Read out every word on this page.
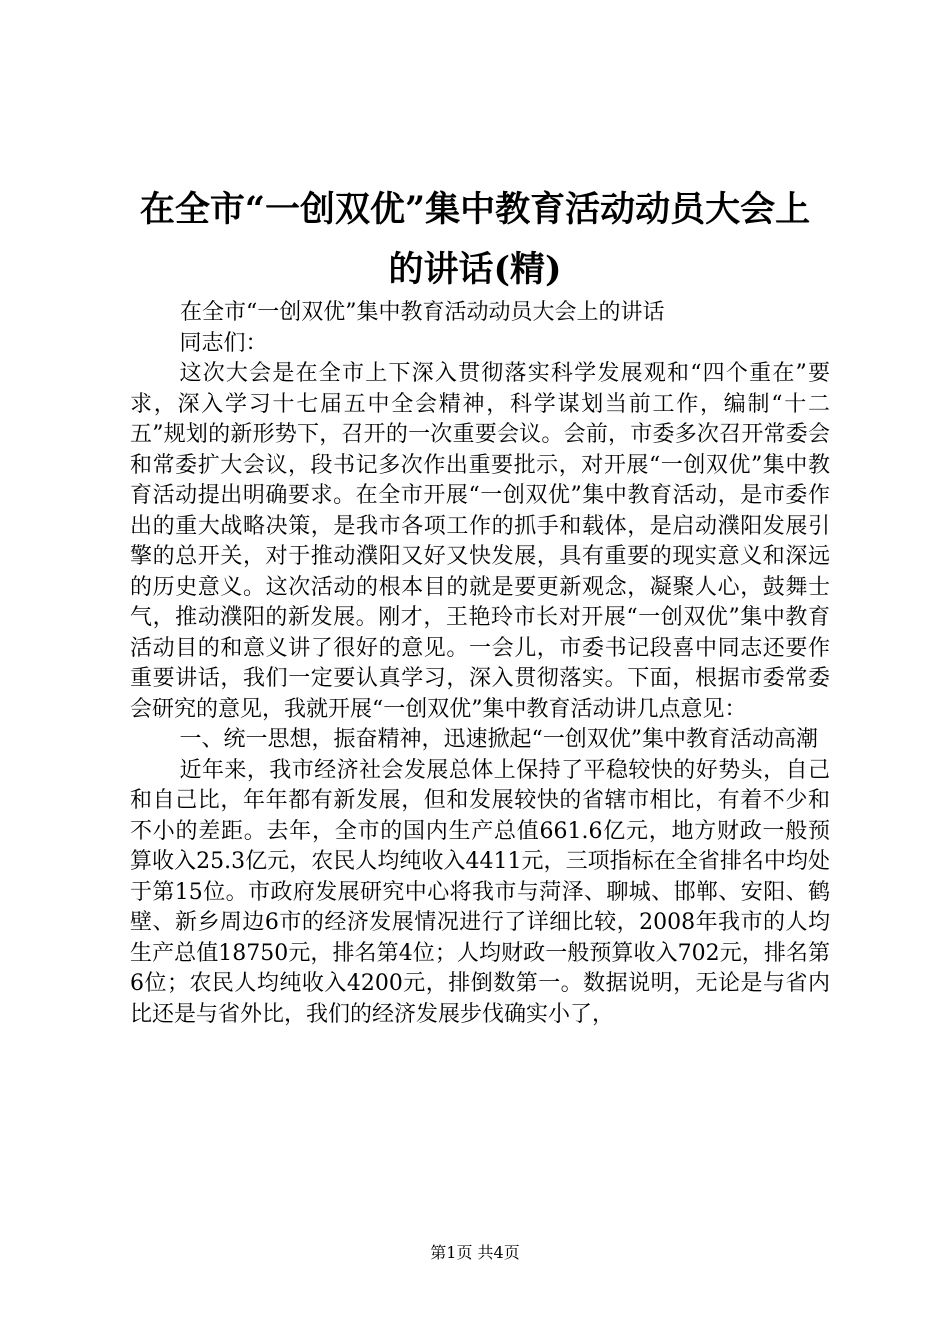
在全市“一创双优”集中教育活动动员大会上
的讲话(精)

在全市“一创双优”集中教育活动动员大会上的讲话

同志们：

这次大会是在全市上下深入贯彻落实科学发展观和“四个重在”要求，深入学习十七届五中全会精神，科学谋划当前工作，编制“十二五”规划的新形势下，召开的一次重要会议。会前，市委多次召开常委会和常委扩大会议，段书记多次作出重要批示，对开展“一创双优”集中教育活动提出明确要求。在全市开展“一创双优”集中教育活动，是市委作出的重大战略决策，是我市各项工作的抓手和载体，是启动濮阳发展引擎的总开关，对于推动濮阳又好又快发展，具有重要的现实意义和深远的历史意义。这次活动的根本目的就是要更新观念，凝聚人心，鼓舞士气，推动濮阳的新发展。刚才，王艳玲市长对开展“一创双优”集中教育活动目的和意义讲了很好的意见。一会儿，市委书记段喜中同志还要作重要讲话，我们一定要认真学习，深入贯彻落实。下面，根据市委常委会研究的意见，我就开展“一创双优”集中教育活动讲几点意见：

一、统一思想，振奋精神，迅速掀起“一创双优”集中教育活动高潮

近年来，我市经济社会发展总体上保持了平稳较快的好势头，自己和自己比，年年都有新发展，但和发展较快的省辖市相比，有着不少和不小的差距。去年，全市的国内生产总值661.6亿元，地方财政一般预算收入25.3亿元，农民人均纯收入4411元，三项指标在全省排名中均处于第15位。市政府发展研究中心将我市与菏泽、聊城、邯郸、安阳、鹤壁、新乡周边6市的经济发展情况进行了详细比较，2008年我市的人均生产总值18750元，排名第4位；人均财政一般预算收入702元，排名第6位；农民人均纯收入4200元，排倒数第一。数据说明，无论是与省内比还是与省外比，我们的经济发展步伐确实小了，

第1页 共4页
